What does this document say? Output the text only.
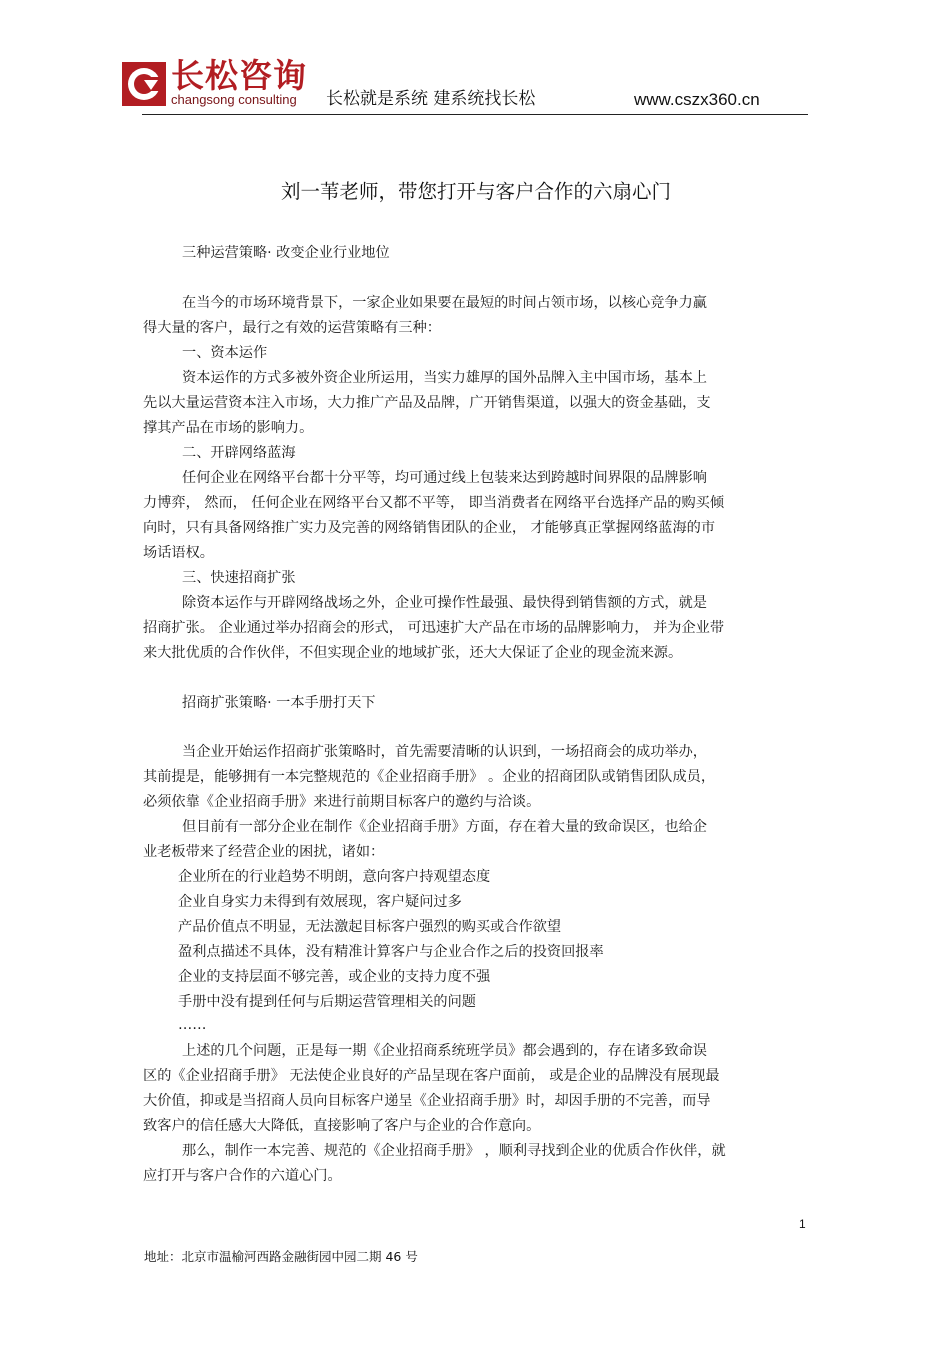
长松咨询
changsong consulting 长松就是系统 建系统找长松	www.cszx360.cn
刘一苇老师，带您打开与客户合作的六扇心门
三种运营策略· 改变企业行业地位
在当今的市场环境背景下，一家企业如果要在最短的时间占领市场，以核心竞争力赢
得大量的客户，最行之有效的运营策略有三种：
一、资本运作
资本运作的方式多被外资企业所运用，当实力雄厚的国外品牌入主中国市场，基本上
先以大量运营资本注入市场，大力推广产品及品牌，广开销售渠道，以强大的资金基础，支
撑其产品在市场的影响力。
二、开辟网络蓝海
任何企业在网络平台都十分平等，均可通过线上包装来达到跨越时间界限的品牌影响
力博弈， 然而， 任何企业在网络平台又都不平等， 即当消费者在网络平台选择产品的购买倾
向时，只有具备网络推广实力及完善的网络销售团队的企业， 才能够真正掌握网络蓝海的市
场话语权。
三、快速招商扩张
除资本运作与开辟网络战场之外，企业可操作性最强、最快得到销售额的方式，就是
招商扩张。 企业通过举办招商会的形式， 可迅速扩大产品在市场的品牌影响力， 并为企业带
来大批优质的合作伙伴，不但实现企业的地域扩张，还大大保证了企业的现金流来源。
招商扩张策略· 一本手册打天下
当企业开始运作招商扩张策略时，首先需要清晰的认识到，一场招商会的成功举办，
其前提是，能够拥有一本完整规范的《企业招商手册》 。企业的招商团队或销售团队成员，
必须依靠《企业招商手册》来进行前期目标客户的邀约与洽谈。
但目前有一部分企业在制作《企业招商手册》方面，存在着大量的致命误区，也给企
业老板带来了经营企业的困扰，诸如：
企业所在的行业趋势不明朗，意向客户持观望态度
企业自身实力未得到有效展现，客户疑问过多
产品价值点不明显，无法激起目标客户强烈的购买或合作欲望
盈利点描述不具体，没有精准计算客户与企业合作之后的投资回报率
企业的支持层面不够完善，或企业的支持力度不强
手册中没有提到任何与后期运营管理相关的问题
……
上述的几个问题，正是每一期《企业招商系统班学员》都会遇到的，存在诸多致命误
区的《企业招商手册》 无法使企业良好的产品呈现在客户面前， 或是企业的品牌没有展现最
大价值，抑或是当招商人员向目标客户递呈《企业招商手册》时，却因手册的不完善，而导
致客户的信任感大大降低，直接影响了客户与企业的合作意向。
那么，制作一本完善、规范的《企业招商手册》 ，顺利寻找到企业的优质合作伙伴，就
应打开与客户合作的六道心门。
1
地址：北京市温榆河西路金融街园中园二期 46 号
